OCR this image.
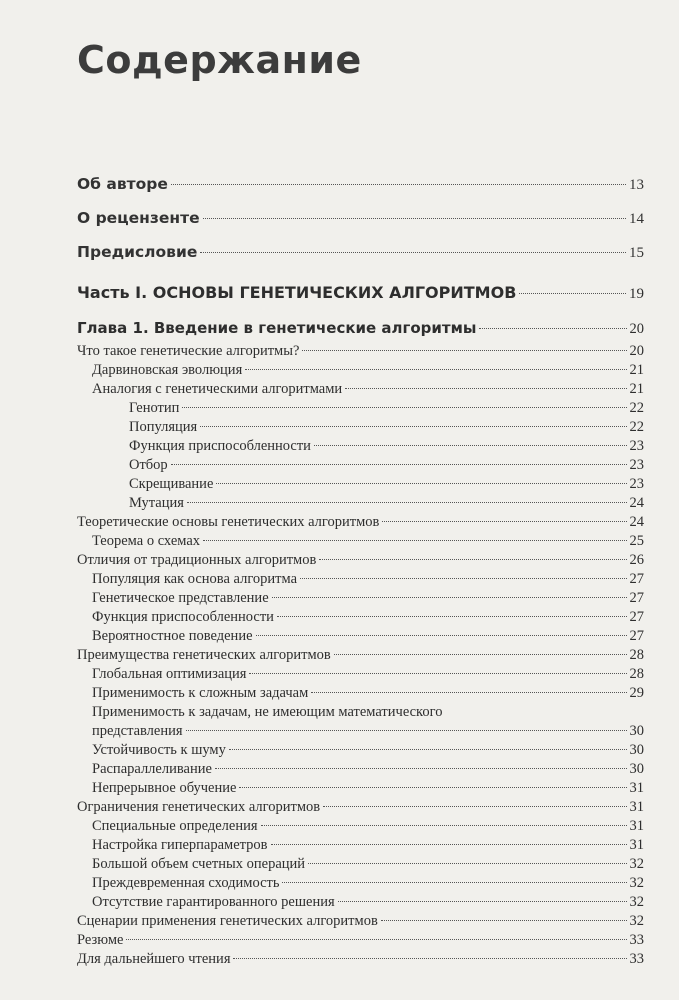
Содержание
Об авторе	13
О рецензенте	14
Предисловие	15
Часть I. ОСНОВЫ ГЕНЕТИЧЕСКИХ АЛГОРИТМОВ	19
Глава 1. Введение в генетические алгоритмы	20
Что такое генетические алгоритмы?	20
Дарвиновская эволюция	21
Аналогия с генетическими алгоритмами	21
Генотип	22
Популяция	22
Функция приспособленности	23
Отбор	23
Скрещивание	23
Мутация	24
Теоретические основы генетических алгоритмов	24
Теорема о схемах	25
Отличия от традиционных алгоритмов	26
Популяция как основа алгоритма	27
Генетическое представление	27
Функция приспособленности	27
Вероятностное поведение	27
Преимущества генетических алгоритмов	28
Глобальная оптимизация	28
Применимость к сложным задачам	29
Применимость к задачам, не имеющим математического
представления	30
Устойчивость к шуму	30
Распараллеливание	30
Непрерывное обучение	31
Ограничения генетических алгоритмов	31
Специальные определения	31
Настройка гиперпараметров	31
Большой объем счетных операций	32
Преждевременная сходимость	32
Отсутствие гарантированного решения	32
Сценарии применения генетических алгоритмов	32
Резюме	33
Для дальнейшего чтения	33
